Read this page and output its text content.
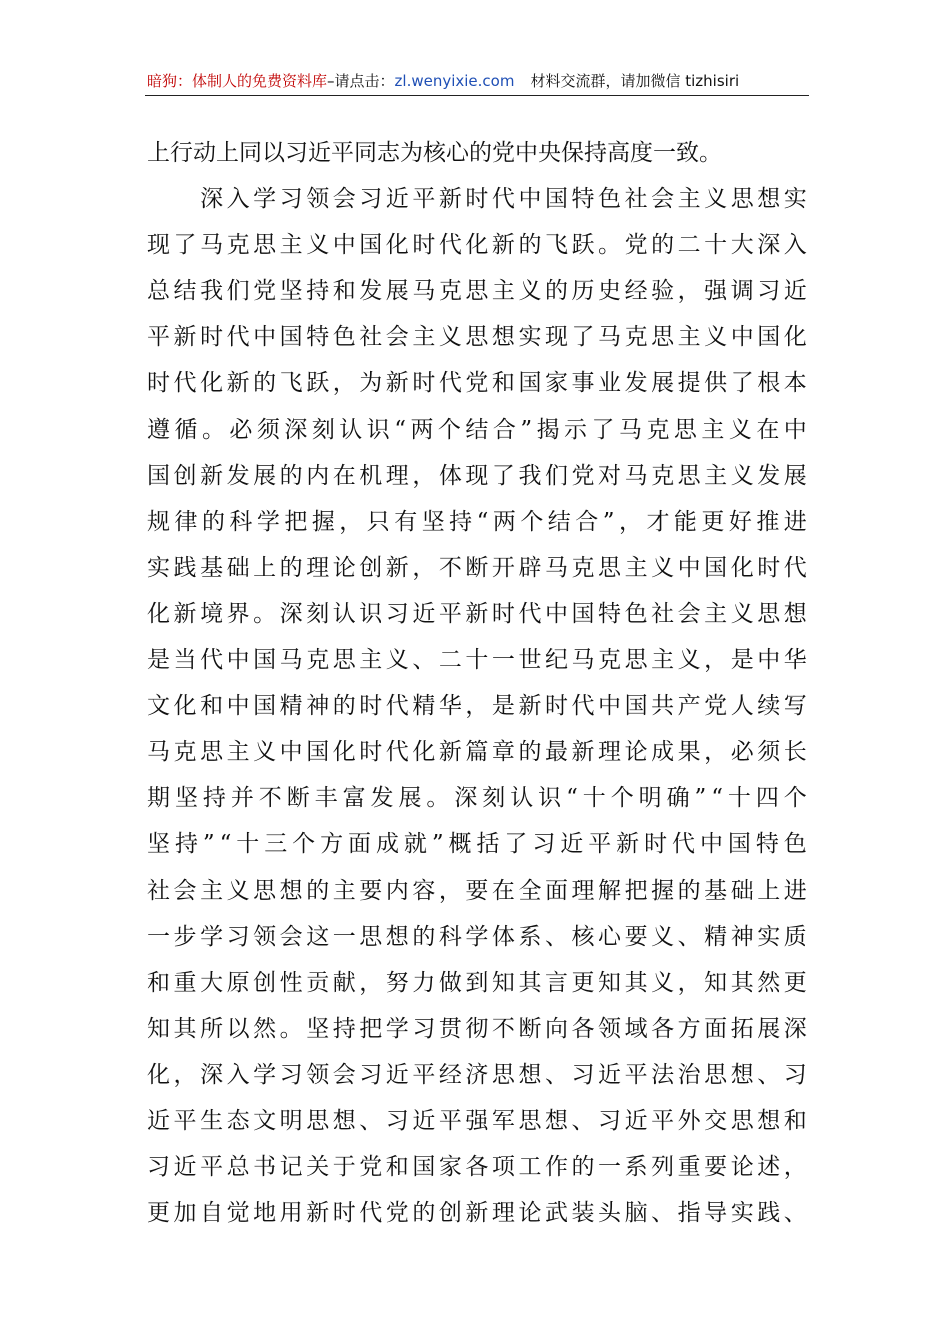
暗狗：体制人的免费资料库 –请点击： zl.wenyixie.com 材料交流群，请加微信 tizhisiri
上 行 动 上 同 以 习 近 平 同 志 为 核 心 的 党 中 央 保 持 高 度 一 致 。

深 入 学 习 领 会 习 近 平 新 时 代 中 国 特 色 社 会 主 义 思 想 实
现 了 马 克 思 主 义 中 国 化 时 代 化 新 的 飞 跃 。 党 的 二 十 大 深 入
总 结 我 们 党 坚 持 和 发 展 马 克 思 主 义 的 历 史 经 验 ， 强 调 习 近
平 新 时 代 中 国 特 色 社 会 主 义 思 想 实 现 了 马 克 思 主 义 中 国 化
时 代 化 新 的 飞 跃 ， 为 新 时 代 党 和 国 家 事 业 发 展 提 供 了 根 本
遵 循 。 必 须 深 刻 认 识 “ 两 个 结 合 ” 揭 示 了 马 克 思 主 义 在 中
国 创 新 发 展 的 内 在 机 理 ， 体 现 了 我 们 党 对 马 克 思 主 义 发 展
规 律 的 科 学 把 握 ， 只 有 坚 持 “ 两 个 结 合 ” ， 才 能 更 好 推 进
实 践 基 础 上 的 理 论 创 新 ， 不 断 开 辟 马 克 思 主 义 中 国 化 时 代
化 新 境 界 。 深 刻 认 识 习 近 平 新 时 代 中 国 特 色 社 会 主 义 思 想
是 当 代 中 国 马 克 思 主 义 、 二 十 一 世 纪 马 克 思 主 义 ， 是 中 华
文 化 和 中 国 精 神 的 时 代 精 华 ， 是 新 时 代 中 国 共 产 党 人 续 写
马 克 思 主 义 中 国 化 时 代 化 新 篇 章 的 最 新 理 论 成 果 ， 必 须 长
期 坚 持 并 不 断 丰 富 发 展 。 深 刻 认 识 “ 十 个 明 确 ” “ 十 四 个
坚 持 ” “ 十 三 个 方 面 成 就 ” 概 括 了 习 近 平 新 时 代 中 国 特 色
社 会 主 义 思 想 的 主 要 内 容 ， 要 在 全 面 理 解 把 握 的 基 础 上 进
一 步 学 习 领 会 这 一 思 想 的 科 学 体 系 、 核 心 要 义 、 精 神 实 质
和 重 大 原 创 性 贡 献 ， 努 力 做 到 知 其 言 更 知 其 义 ， 知 其 然 更
知 其 所 以 然 。 坚 持 把 学 习 贯 彻 不 断 向 各 领 域 各 方 面 拓 展 深
化 ， 深 入 学 习 领 会 习 近 平 经 济 思 想 、 习 近 平 法 治 思 想 、 习
近 平 生 态 文 明 思 想 、 习 近 平 强 军 思 想 、 习 近 平 外 交 思 想 和
习 近 平 总 书 记 关 于 党 和 国 家 各 项 工 作 的 一 系 列 重 要 论 述 ，
更 加 自 觉 地 用 新 时 代 党 的 创 新 理 论 武 装 头 脑 、 指 导 实 践 、
